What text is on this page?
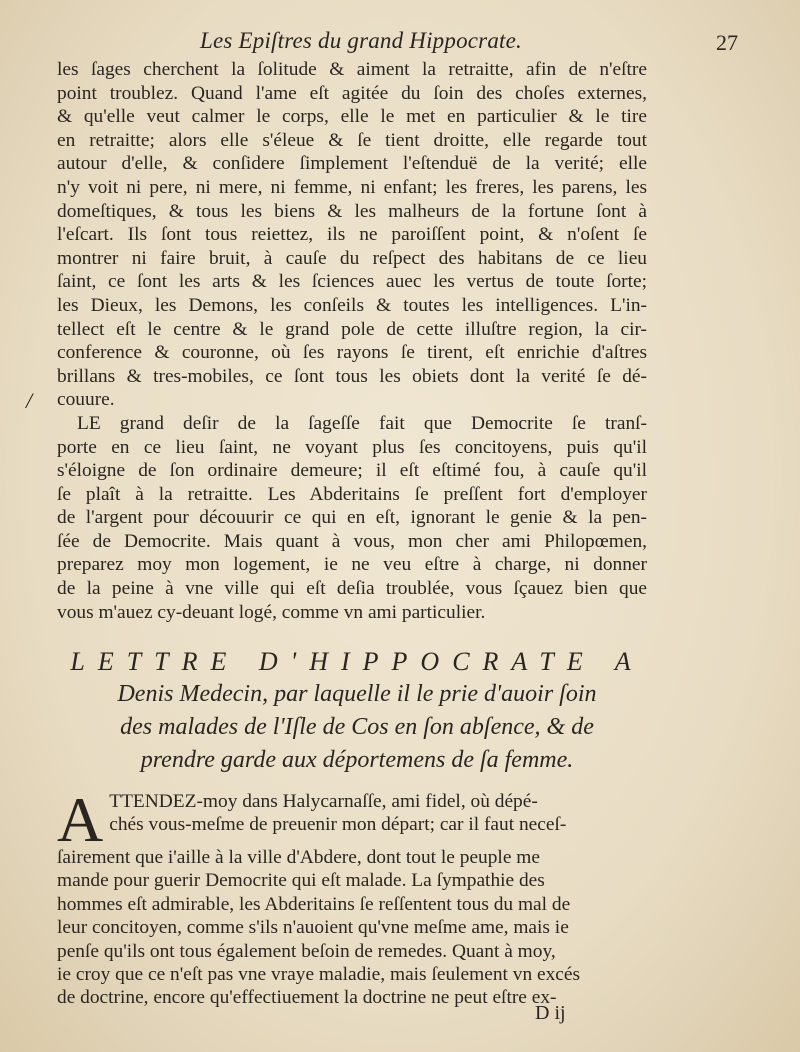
Les Epiſtres du grand Hippocrate.	27
/
les ſages cherchent la ſolitude & aiment la retraitte, afin de n'eſtre
point troublez. Quand l'ame eſt agitée du ſoin des choſes externes,
& qu'elle veut calmer le corps, elle le met en particulier & le tire
en retraitte; alors elle s'éleue & ſe tient droitte, elle regarde tout
autour d'elle, & conſidere ſimplement l'eſtenduë de la verité; elle
n'y voit ni pere, ni mere, ni femme, ni enfant; les freres, les parens, les
domeſtiques, & tous les biens & les malheurs de la fortune ſont à
l'eſcart. Ils ſont tous reiettez, ils ne paroiſſent point, & n'oſent ſe
montrer ni faire bruit, à cauſe du reſpect des habitans de ce lieu
ſaint, ce ſont les arts & les ſciences auec les vertus de toute ſorte;
les Dieux, les Demons, les conſeils & toutes les intelligences. L'in-
tellect eſt le centre & le grand pole de cette illuſtre region, la cir-
conference & couronne, où ſes rayons ſe tirent, eſt enrichie d'aſtres
brillans & tres-mobiles, ce ſont tous les obiets dont la verité ſe dé-
couure.
LE grand deſir de la ſageſſe fait que Democrite ſe tranſ-
porte en ce lieu ſaint, ne voyant plus ſes concitoyens, puis qu'il
s'éloigne de ſon ordinaire demeure; il eſt eſtimé fou, à cauſe qu'il
ſe plaît à la retraitte. Les Abderitains ſe preſſent fort d'employer
de l'argent pour découurir ce qui en eſt, ignorant le genie & la pen-
ſée de Democrite. Mais quant à vous, mon cher ami Philopœmen,
preparez moy mon logement, ie ne veu eſtre à charge, ni donner
de la peine à vne ville qui eſt deſia troublée, vous ſçauez bien que
vous m'auez cy-deuant logé, comme vn ami particulier.
LETTRE D'HIPPOCRATE A
Denis Medecin, par laquelle il le prie d'auoir ſoin
des malades de l'Iſle de Cos en ſon abſence, & de
prendre garde aux déportemens de ſa femme.
A TTENDEZ-moy dans Halycarnaſſe, ami fidel, où dépé-
chés vous-meſme de preuenir mon départ; car il faut neceſ-
ſairement que i'aille à la ville d'Abdere, dont tout le peuple me
mande pour guerir Democrite qui eſt malade. La ſympathie des
hommes eſt admirable, les Abderitains ſe reſſentent tous du mal de
leur concitoyen, comme s'ils n'auoient qu'vne meſme ame, mais ie
penſe qu'ils ont tous également beſoin de remedes. Quant à moy,
ie croy que ce n'eſt pas vne vraye maladie, mais ſeulement vn excés
de doctrine, encore qu'effectiuement la doctrine ne peut eſtre ex-
D ij
